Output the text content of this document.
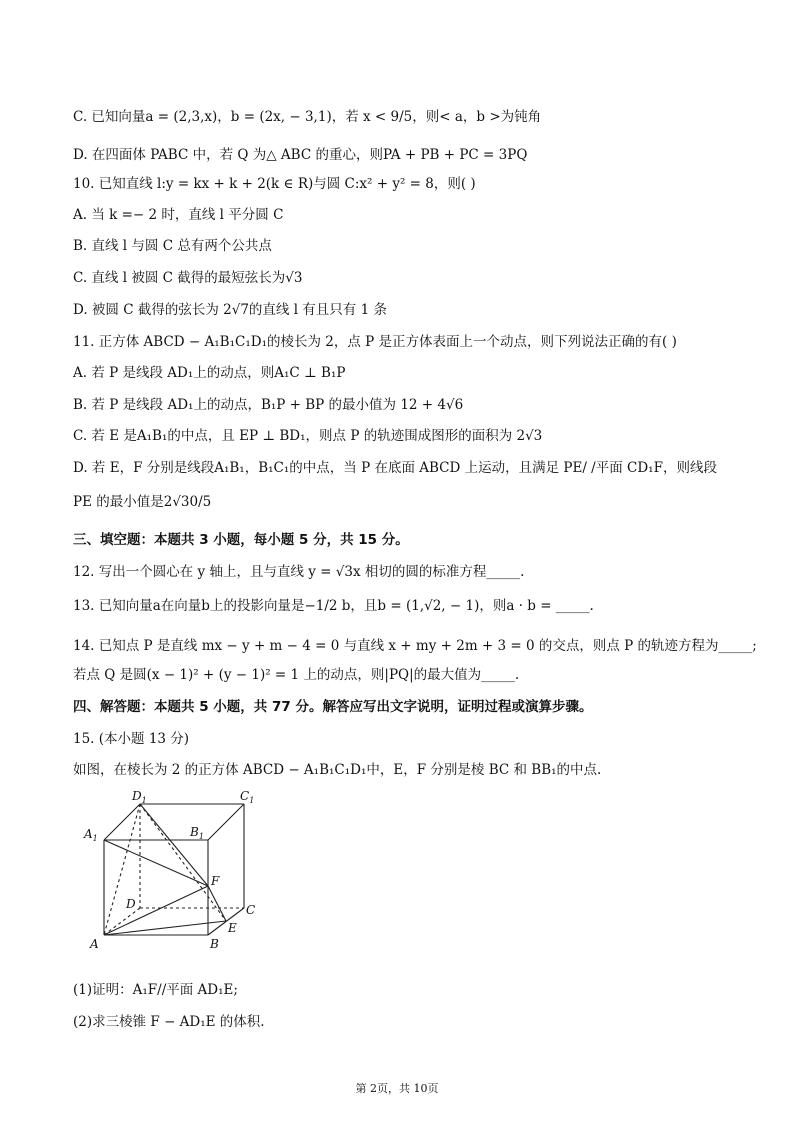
C. 已知向量a = (2,3,x)，b = (2x, − 3,1)，若 x < 9/5，则< a，b >为钝角
D. 在四面体 PABC 中，若 Q 为△ ABC 的重心，则PA + PB + PC = 3PQ
10. 已知直线 l:y = kx + k + 2(k ∈ R)与圆 C:x² + y² = 8，则( )
A. 当 k =− 2 时，直线 l 平分圆 C
B. 直线 l 与圆 C 总有两个公共点
C. 直线 l 被圆 C 截得的最短弦长为√3
D. 被圆 C 截得的弦长为 2√7的直线 l 有且只有 1 条
11. 正方体 ABCD − A₁B₁C₁D₁的棱长为 2，点 P 是正方体表面上一个动点，则下列说法正确的有( )
A. 若 P 是线段 AD₁上的动点，则A₁C ⊥ B₁P
B. 若 P 是线段 AD₁上的动点，B₁P + BP 的最小值为 12 + 4√6
C. 若 E 是A₁B₁的中点，且 EP ⊥ BD₁，则点 P 的轨迹围成图形的面积为 2√3
D. 若 E，F 分别是线段A₁B₁，B₁C₁的中点，当 P 在底面 ABCD 上运动，且满足 PE/ /平面 CD₁F，则线段
PE 的最小值是2√30/5
三、填空题：本题共 3 小题，每小题 5 分，共 15 分。
12. 写出一个圆心在 y 轴上，且与直线 y = √3x 相切的圆的标准方程_____.
13. 已知向量a在向量b上的投影向量是−1/2 b，且b = (1,√2, − 1)，则a · b = _____.
14. 已知点 P 是直线 mx − y + m − 4 = 0 与直线 x + my + 2m + 3 = 0 的交点，则点 P 的轨迹方程为_____;
若点 Q 是圆(x − 1)² + (y − 1)² = 1 上的动点，则|PQ|的最大值为_____.
四、解答题：本题共 5 小题，共 77 分。解答应写出文字说明，证明过程或演算步骤。
15. (本小题 13 分)
如图，在棱长为 2 的正方体 ABCD − A₁B₁C₁D₁中，E，F 分别是棱 BC 和 BB₁的中点.
(1)证明：A₁F//平面 AD₁E;
(2)求三棱锥 F − AD₁E 的体积.
$D_1$	$C_1$
$A_1$	$B_1$
F
D	C
A	B
E
第 2页，共 10页
